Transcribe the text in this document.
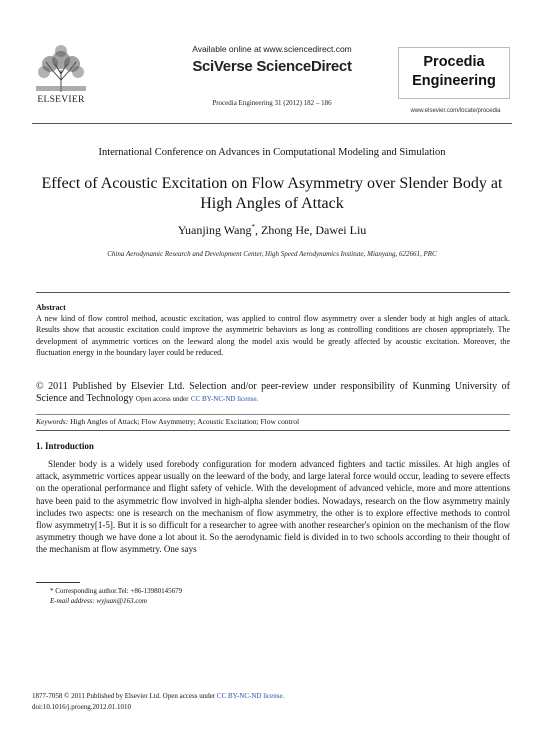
ELSEVIER
Available online at www.sciencedirect.com
SciVerse ScienceDirect
Procedia Engineering 31 (2012) 182 – 186
Procedia
Engineering
www.elsevier.com/locate/procedia
International Conference on Advances in Computational Modeling and Simulation
Effect of Acoustic Excitation on Flow Asymmetry over Slender Body at High Angles of Attack
Yuanjing Wang*, Zhong He, Dawei Liu
China Aerodynamic Research and Development Center, High Speed Aerodynamics Institute, Mianyang, 622661, PRC
Abstract
A new kind of flow control method, acoustic excitation, was applied to control flow asymmetry over a slender body at high angles of attack. Results show that acoustic excitation could improve the asymmetric behaviors as long as controlling conditions are chosen appropriately. The development of asymmetric vortices on the leeward along the model axis would be greatly affected by acoustic excitation. Moreover, the fluctuation energy in the boundary layer could be reduced.
© 2011 Published by Elsevier Ltd. Selection and/or peer-review under responsibility of Kunming University of Science and Technology Open access under CC BY-NC-ND license.
Keywords: High Angles of Attack; Flow Asymmetry; Acoustic Excitation; Flow control
1. Introduction

Slender body is a widely used forebody configuration for modern advanced fighters and tactic missiles. At high angles of attack, asymmetric vortices appear usually on the leeward of the body, and large lateral force would occur, leading to severe effects on the operational performance and flight safety of vehicle. With the development of advanced vehicle, more and more attentions have been paid to the asymmetric flow involved in high-alpha slender bodies. Nowadays, research on the flow asymmetry mainly includes two aspects: one is research on the mechanism of flow asymmetry, the other is to explore effective methods to control flow asymmetry[1-5]. But it is so difficult for a researcher to agree with another researcher's opinion on the mechanism of the flow asymmetry though we have done a lot about it. So the aerodynamic field is divided in to two schools according to their thought of the mechanism at flow asymmetry. One says

* Corresponding author.Tel: +86-13980145679
E-mail address: wyjuan@163.com
1877-7058 © 2011 Published by Elsevier Ltd. Open access under CC BY-NC-ND license.
doi:10.1016/j.proeng.2012.01.1010
